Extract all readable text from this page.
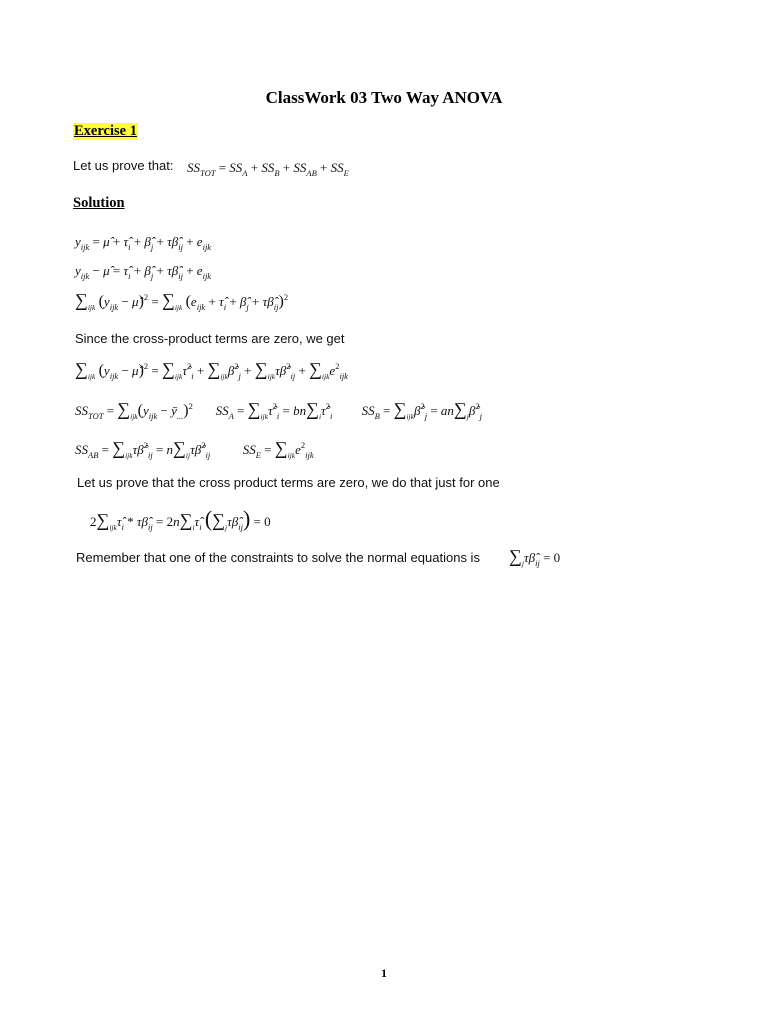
ClassWork 03 Two Way ANOVA
Exercise 1
Let us prove that: $SS_{TOT} = SS_A + SS_B + SS_{AB} + SS_E$
Solution
$y_{ijk}$ = μ̂ + $\taû_i$ + $\betâ_j$ + $\tau\betâ_{ij} + e_{ijk}$
$y_{ijk}$ − μ̂ = $\taû_i$ + $\betâ_j$ + $\tau\betâ_{ij} + e_{ijk}$
$\sum_{ijk}$ ($y_{ijk}$ − μ̂)$^2$ = $\sum_{ijk}$ ($e_{ijk}$ + $\taû_i$ + $\betâ_j$ + $\tau\betâ_{ij})^2$
Since the cross-product terms are zero, we get
$\sum_{ijk}$ ($y_{ijk}$ − μ̂)$^2$ = $\sum_{ijk}\taû^2_i$ + $\sum_{ijk}\betâ^2_j$ + $\sum_{ijk}\tau\betâ^2_{ij} + \sum_{ijk}e^2_{ijk}$
$SS_{TOT} = \sum_{ijk}(y_{ijk}$ − $ȳ_{...})^2$ $SS_A$ = $\sum_{ijk}\taû^2_i$ = $bn\sum_i\taû^2_i$ $SS_B$ = $\sum_{ijk}\betâ^2_j$ = $an\sum_j\betâ^2_j$
$SS_{AB}$ = $\sum_{ijk}\tau\betâ^2_{ij}$ = $n\sum_{ij}\tau\betâ^2_{ij}$	$SS_E = \sum_{ijk}e^2_{ijk}$
Let us prove that the cross product terms are zero, we do that just for one
$2\sum_{ijk}\taû_i$ * $\tau\betâ_{ij}$ = $2n\sum_i\taû_i$ $(\sum_j\tau\betâ_{ij}) = 0$
Remember that one of the constraints to solve the normal equations is $\sum_j\tau\betâ_{ij} = 0$
1
